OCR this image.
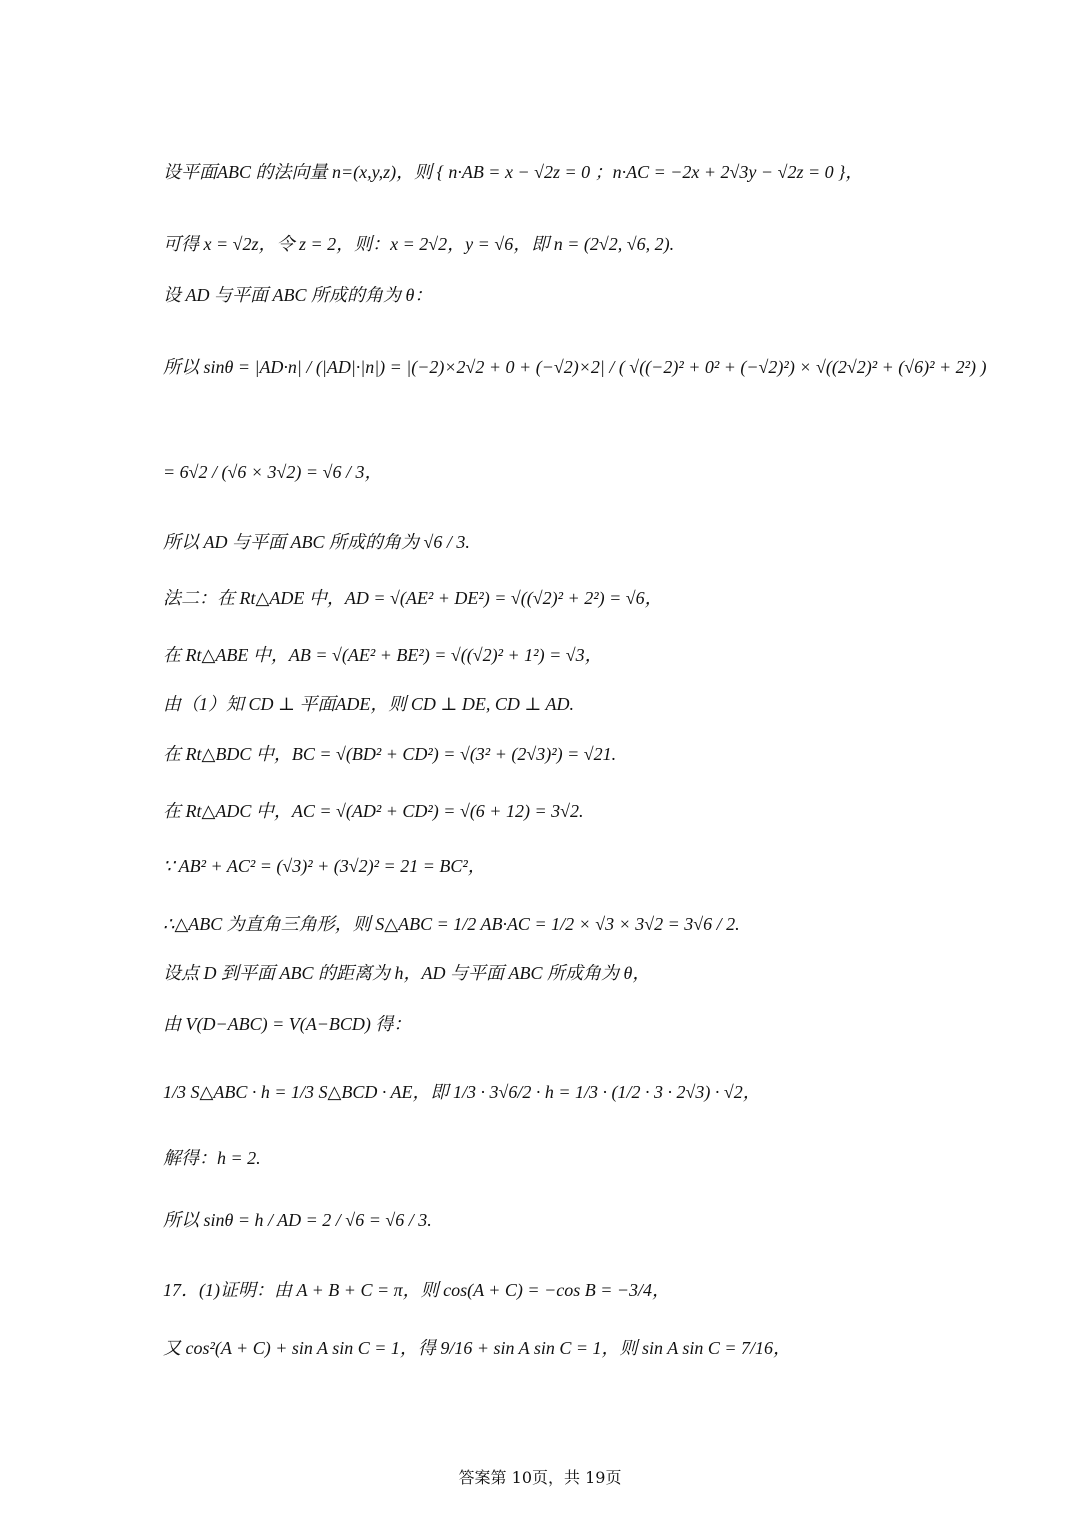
设平面ABC 的法向量 n=(x,y,z)，则 { n·AB = x − √2z = 0 ；n·AC = −2x + 2√3y − √2z = 0 }，
可得 x = √2z，令 z = 2，则：x = 2√2，y = √6，即 n = (2√2, √6, 2).
设 AD 与平面 ABC 所成的角为 θ：
所以 sinθ = |AD·n| / (|AD|·|n|) = |(−2)×2√2 + 0 + (−√2)×2| / ( √((−2)² + 0² + (−√2)²) × √((2√2)² + (√6)² + 2²) )
= 6√2 / (√6 × 3√2) = √6 / 3，
所以 AD 与平面 ABC 所成的角为 √6 / 3.
法二：在 Rt△ADE 中，AD = √(AE² + DE²) = √((√2)² + 2²) = √6，
在 Rt△ABE 中，AB = √(AE² + BE²) = √((√2)² + 1²) = √3，
由（1）知 CD ⊥ 平面ADE，则 CD ⊥ DE, CD ⊥ AD.
在 Rt△BDC 中，BC = √(BD² + CD²) = √(3² + (2√3)²) = √21.
在 Rt△ADC 中，AC = √(AD² + CD²) = √(6 + 12) = 3√2.
∵ AB² + AC² = (√3)² + (3√2)² = 21 = BC²，
∴△ABC 为直角三角形，则 S△ABC = 1/2 AB·AC = 1/2 × √3 × 3√2 = 3√6 / 2.
设点 D 到平面 ABC 的距离为 h，AD 与平面 ABC 所成角为 θ，
由 V(D−ABC) = V(A−BCD) 得：
1/3 S△ABC · h = 1/3 S△BCD · AE，即 1/3 · 3√6/2 · h = 1/3 · (1/2 · 3 · 2√3) · √2，
解得：h = 2.
所以 sinθ = h / AD = 2 / √6 = √6 / 3.
17．(1)证明：由 A + B + C = π，则 cos(A + C) = −cos B = −3/4，
又 cos²(A + C) + sin A sin C = 1，得 9/16 + sin A sin C = 1，则 sin A sin C = 7/16，
答案第 10页，共 19页
